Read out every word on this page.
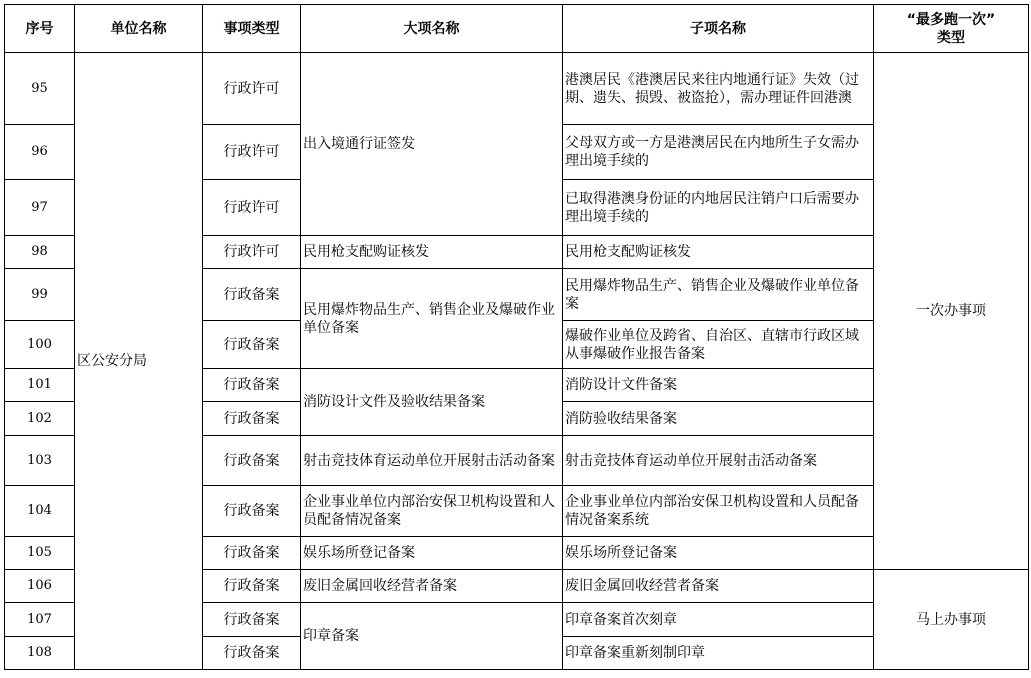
序号	单位名称	事项类型	大项名称	子项名称	“最多跑一次”
类型

95	区公安分局	行政许可	出入境通行证签发	港澳居民《港澳居民来往内地通行证》失效（过期、遗失、损毁、被盗抢），需办理证件回港澳	一次办事项
96		行政许可		父母双方或一方是港澳居民在内地所生子女需办理出境手续的	
97		行政许可		已取得港澳身份证的内地居民注销户口后需要办理出境手续的	
98		行政许可	民用枪支配购证核发	民用枪支配购证核发	
99		行政备案	民用爆炸物品生产、销售企业及爆破作业单位备案	民用爆炸物品生产、销售企业及爆破作业单位备案	
100		行政备案		爆破作业单位及跨省、自治区、直辖市行政区域从事爆破作业报告备案	
101		行政备案	消防设计文件及验收结果备案	消防设计文件备案	
102		行政备案		消防验收结果备案	
103		行政备案	射击竞技体育运动单位开展射击活动备案	射击竞技体育运动单位开展射击活动备案	
104		行政备案	企业事业单位内部治安保卫机构设置和人员配备情况备案	企业事业单位内部治安保卫机构设置和人员配备情况备案系统	
105		行政备案	娱乐场所登记备案	娱乐场所登记备案	
106		行政备案	废旧金属回收经营者备案	废旧金属回收经营者备案	马上办事项
107		行政备案	印章备案	印章备案首次刻章	
108		行政备案		印章备案重新刻制印章	
